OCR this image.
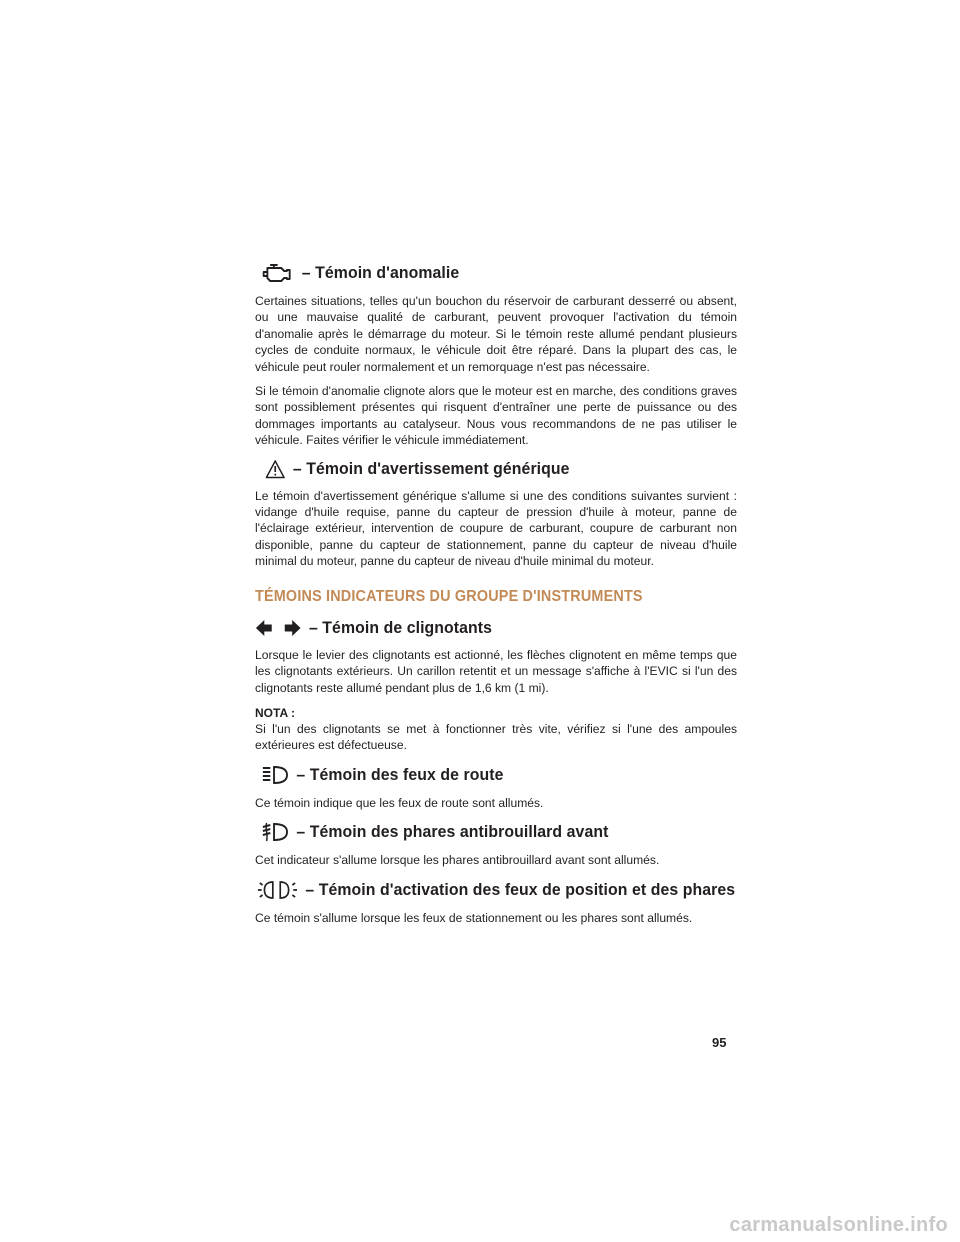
– Témoin d'anomalie

Certaines situations, telles qu'un bouchon du réservoir de carburant desserré ou absent, ou une mauvaise qualité de carburant, peuvent provoquer l'activation du témoin d'anomalie après le démarrage du moteur. Si le témoin reste allumé pendant plusieurs cycles de conduite normaux, le véhicule doit être réparé. Dans la plupart des cas, le véhicule peut rouler normalement et un remorquage n'est pas nécessaire.

Si le témoin d'anomalie clignote alors que le moteur est en marche, des conditions graves sont possiblement présentes qui risquent d'entraîner une perte de puissance ou des dommages importants au catalyseur. Nous vous recommandons de ne pas utiliser le véhicule. Faites vérifier le véhicule immédiatement.

– Témoin d'avertissement générique

Le témoin d'avertissement générique s'allume si une des conditions suivantes survient : vidange d'huile requise, panne du capteur de pression d'huile à moteur, panne de l'éclairage extérieur, intervention de coupure de carburant, coupure de carburant non disponible, panne du capteur de stationnement, panne du capteur de niveau d'huile minimal du moteur, panne du capteur de niveau d'huile minimal du moteur.

TÉMOINS INDICATEURS DU GROUPE D'INSTRUMENTS
– Témoin de clignotants

Lorsque le levier des clignotants est actionné, les flèches clignotent en même temps que les clignotants extérieurs. Un carillon retentit et un message s'affiche à l'EVIC si l'un des clignotants reste allumé pendant plus de 1,6 km (1 mi).

NOTA :

Si l'un des clignotants se met à fonctionner très vite, vérifiez si l'une des ampoules extérieures est défectueuse.

– Témoin des feux de route

Ce témoin indique que les feux de route sont allumés.

– Témoin des phares antibrouillard avant

Cet indicateur s'allume lorsque les phares antibrouillard avant sont allumés.

– Témoin d'activation des feux de position et des phares

Ce témoin s'allume lorsque les feux de stationnement ou les phares sont allumés.

95
carmanualsonline.info
